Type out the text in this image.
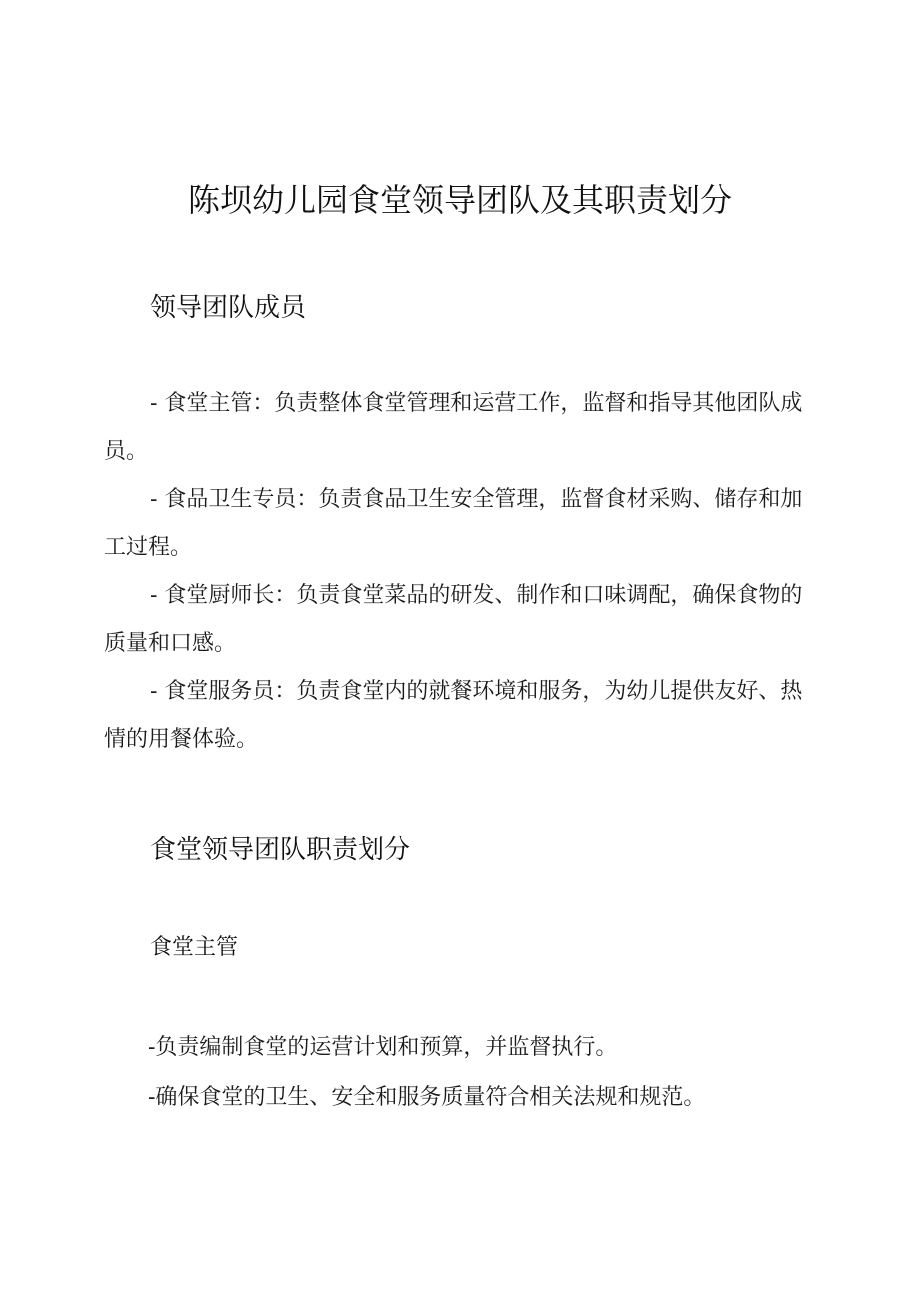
陈坝幼儿园食堂领导团队及其职责划分
领导团队成员

- 食堂主管：负责整体食堂管理和运营工作，监督和指导其他团队成员。

- 食品卫生专员：负责食品卫生安全管理，监督食材采购、储存和加工过程。

- 食堂厨师长：负责食堂菜品的研发、制作和口味调配，确保食物的质量和口感。

- 食堂服务员：负责食堂内的就餐环境和服务，为幼儿提供友好、热情的用餐体验。

食堂领导团队职责划分
食堂主管

-负责编制食堂的运营计划和预算，并监督执行。

-确保食堂的卫生、安全和服务质量符合相关法规和规范。
